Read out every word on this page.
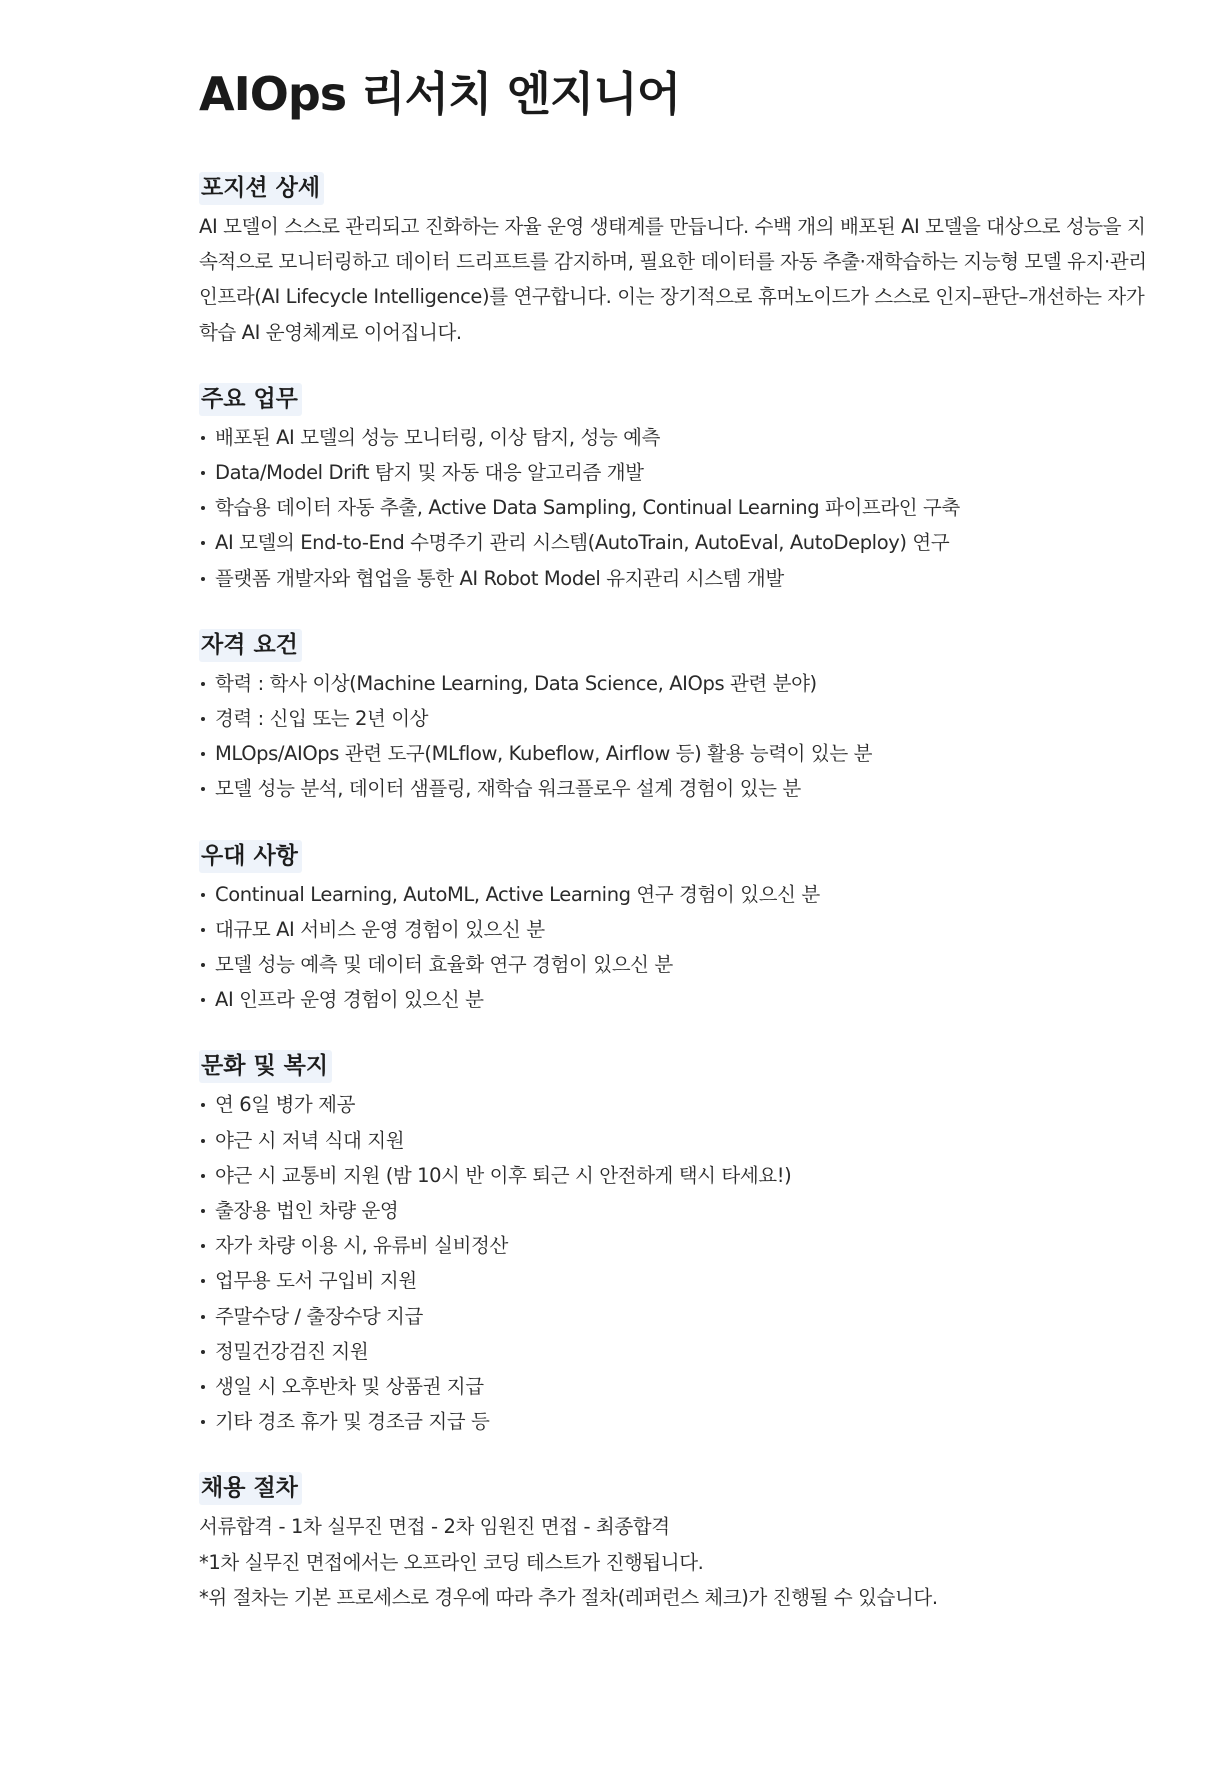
AIOps 리서치 엔지니어
포지션 상세

AI 모델이 스스로 관리되고 진화하는 자율 운영 생태계를 만듭니다. 수백 개의 배포된 AI 모델을 대상으로 성능을 지속적으로 모니터링하고 데이터 드리프트를 감지하며, 필요한 데이터를 자동 추출·재학습하는 지능형 모델 유지·관리 인프라(AI Lifecycle Intelligence)를 연구합니다. 이는 장기적으로 휴머노이드가 스스로 인지–판단–개선하는 자가학습 AI 운영체계로 이어집니다.

주요 업무
배포된 AI 모델의 성능 모니터링, 이상 탐지, 성능 예측
Data/Model Drift 탐지 및 자동 대응 알고리즘 개발
학습용 데이터 자동 추출, Active Data Sampling, Continual Learning 파이프라인 구축
AI 모델의 End-to-End 수명주기 관리 시스템(AutoTrain, AutoEval, AutoDeploy) 연구
플랫폼 개발자와 협업을 통한 AI Robot Model 유지관리 시스템 개발
자격 요건
학력 : 학사 이상(Machine Learning, Data Science, AIOps 관련 분야)
경력 : 신입 또는 2년 이상
MLOps/AIOps 관련 도구(MLflow, Kubeflow, Airflow 등) 활용 능력이 있는 분
모델 성능 분석, 데이터 샘플링, 재학습 워크플로우 설계 경험이 있는 분
우대 사항
Continual Learning, AutoML, Active Learning 연구 경험이 있으신 분
대규모 AI 서비스 운영 경험이 있으신 분
모델 성능 예측 및 데이터 효율화 연구 경험이 있으신 분
AI 인프라 운영 경험이 있으신 분
문화 및 복지
연 6일 병가 제공
야근 시 저녁 식대 지원
야근 시 교통비 지원 (밤 10시 반 이후 퇴근 시 안전하게 택시 타세요!)
출장용 법인 차량 운영
자가 차량 이용 시, 유류비 실비정산
업무용 도서 구입비 지원
주말수당 / 출장수당 지급
정밀건강검진 지원
생일 시 오후반차 및 상품권 지급
기타 경조 휴가 및 경조금 지급 등
채용 절차
서류합격 - 1차 실무진 면접 - 2차 임원진 면접 - 최종합격
*1차 실무진 면접에서는 오프라인 코딩 테스트가 진행됩니다.
*위 절차는 기본 프로세스로 경우에 따라 추가 절차(레퍼런스 체크)가 진행될 수 있습니다.
